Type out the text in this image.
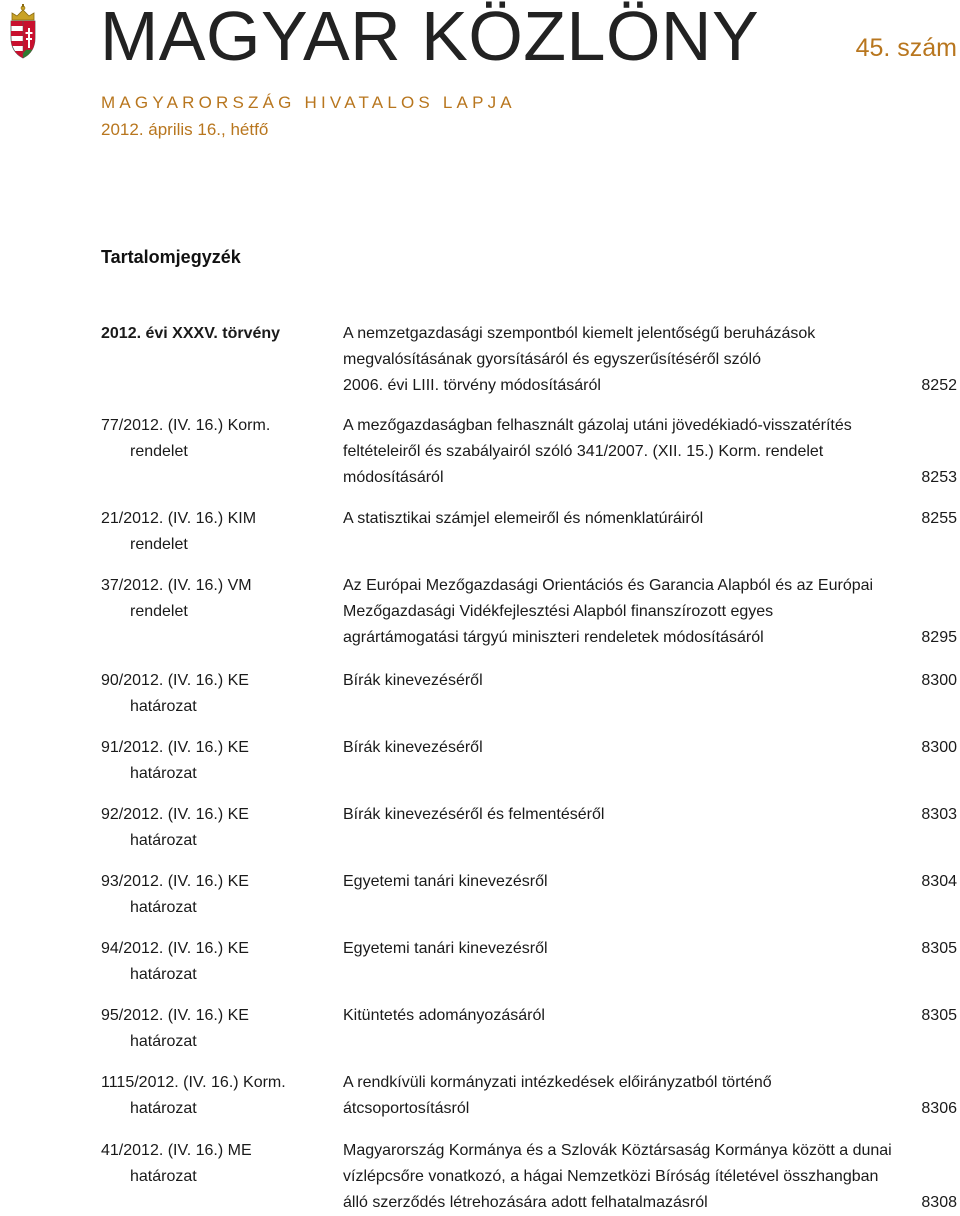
MAGYAR KÖZLÖNY	45. szám
MAGYARORSZÁG HIVATALOS LAPJA
2012. április 16., hétfő
Tartalomjegyzék
2012. évi XXXV. törvény	A nemzetgazdasági szempontból kiemelt jelentőségű beruházások
megvalósításának gyorsításáról és egyszerűsítéséről szóló
2006. évi LIII. törvény módosításáról	8252
77/2012. (IV. 16.) Korm.
rendelet
A mezőgazdaságban felhasznált gázolaj utáni jövedékiadó-visszatérítés
feltételeiről és szabályairól szóló 341/2007. (XII. 15.) Korm. rendelet
módosításáról	8253
21/2012. (IV. 16.) KIM
rendelet
A statisztikai számjel elemeiről és nómenklatúráiról	8255
37/2012. (IV. 16.) VM
rendelet
Az Európai Mezőgazdasági Orientációs és Garancia Alapból és az Európai
Mezőgazdasági Vidékfejlesztési Alapból finanszírozott egyes
agrártámogatási tárgyú miniszteri rendeletek módosításáról	8295
90/2012. (IV. 16.) KE
határozat
Bírák kinevezéséről	8300
91/2012. (IV. 16.) KE
határozat
Bírák kinevezéséről	8300
92/2012. (IV. 16.) KE
határozat
Bírák kinevezéséről és felmentéséről	8303
93/2012. (IV. 16.) KE
határozat
Egyetemi tanári kinevezésről	8304
94/2012. (IV. 16.) KE
határozat
Egyetemi tanári kinevezésről	8305
95/2012. (IV. 16.) KE
határozat
Kitüntetés adományozásáról	8305
1115/2012. (IV. 16.) Korm.
határozat
A rendkívüli kormányzati intézkedések előirányzatból történő
átcsoportosításról	8306
41/2012. (IV. 16.) ME
határozat
Magyarország Kormánya és a Szlovák Köztársaság Kormánya között a dunai
vízlépcsőre vonatkozó, a hágai Nemzetközi Bíróság ítéletével összhangban
álló szerződés létrehozására adott felhatalmazásról	8308
